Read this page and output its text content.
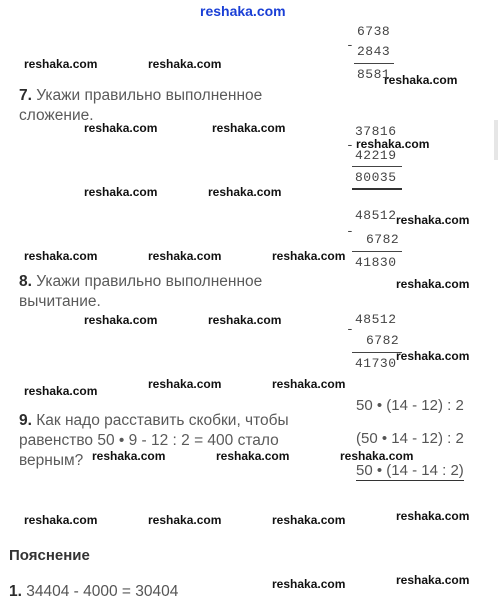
reshaka.com
6738
- 2843
8581
37816
-
42219
80035
48512
-
6782
41830
48512
-
6782
41730
7. Укажи правильно выполненное
сложение.
8. Укажи правильно выполненное
вычитание.
9. Как надо расставить скобки, чтобы
равенство 50 • 9 - 12 : 2 = 400 стало
верным?
50 • (14 - 12) : 2
(50 • 14 - 12) : 2
50 • (14 - 14 : 2)
Пояснение
1. 34404 - 4000 = 30404
reshaka.com	reshaka.com
reshaka.com
reshaka.com	reshaka.com
reshaka.com
reshaka.com	reshaka.com
reshaka.com
reshaka.com	reshaka.com	reshaka.com
reshaka.com
reshaka.com	reshaka.com
reshaka.com
reshaka.com	reshaka.com	reshaka.com
reshaka.com	reshaka.com	reshaka.com
reshaka.com	reshaka.com	reshaka.com	reshaka.com
reshaka.com	reshaka.com
